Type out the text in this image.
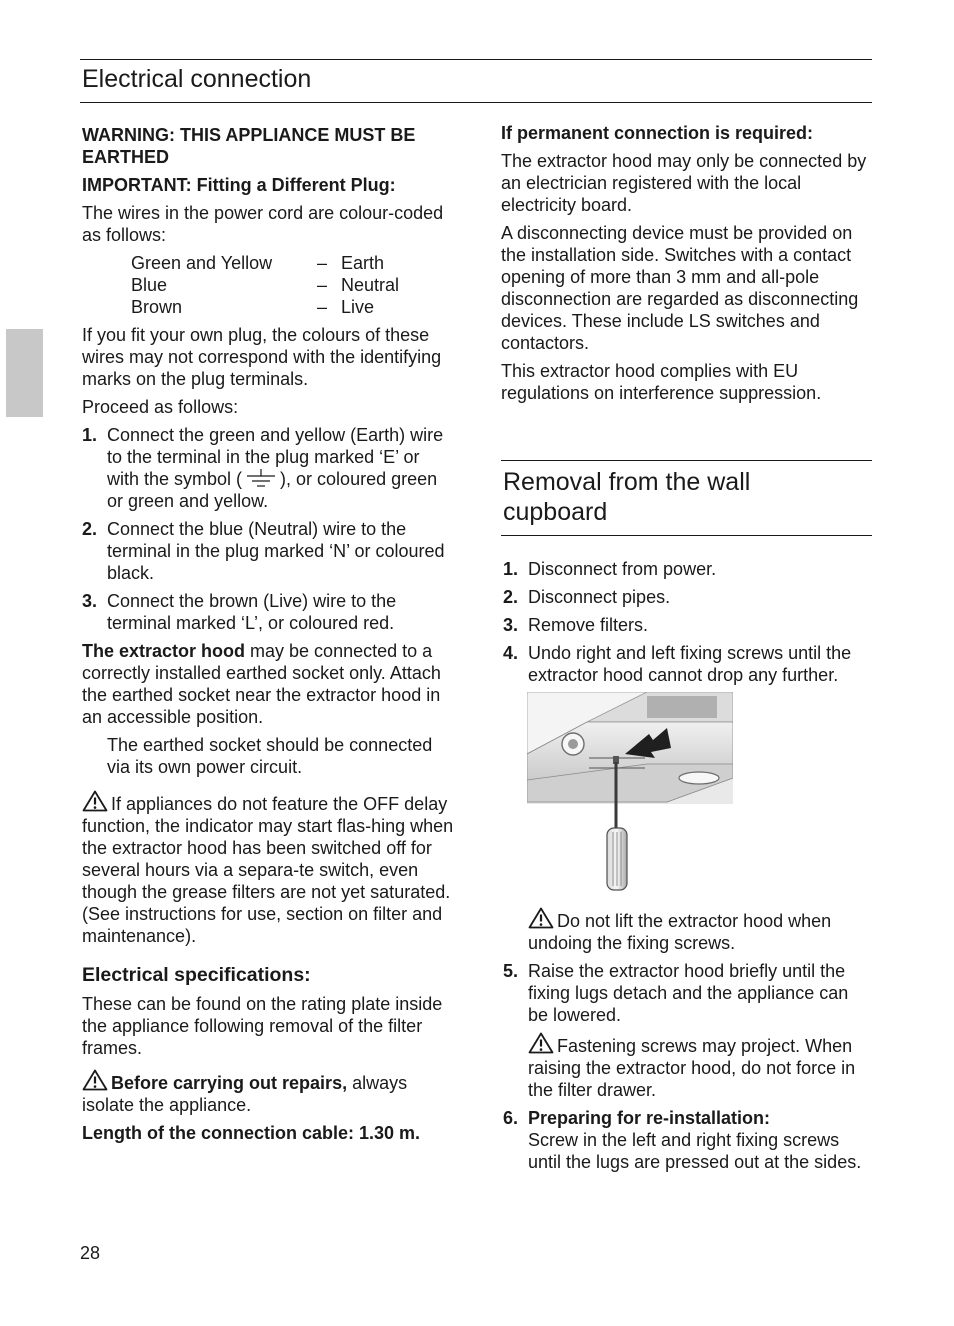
Electrical connection

WARNING: THIS APPLIANCE MUST BE EARTHED

IMPORTANT: Fitting a Different Plug:

The wires in the power cord are colour-coded as follows:

Green and Yellow	– Earth
Blue	– Neutral
Brown	– Live

If you fit your own plug, the colours of these wires may not correspond with the identifying marks on the plug terminals.

Proceed as follows:

1. Connect the green and yellow (Earth) wire to the terminal in the plug marked ‘E’ or with the symbol ( ), or coloured green or green and yellow.
2. Connect the blue (Neutral) wire to the terminal in the plug marked ‘N’ or coloured black.
3. Connect the brown (Live) wire to the terminal marked ‘L’, or coloured red.

The extractor hood may be connected to a correctly installed earthed socket only. Attach the earthed socket near the extractor hood in an accessible position.

The earthed socket should be connected via its own power circuit.

If appliances do not feature the OFF delay function, the indicator may start flas-hing when the extractor hood has been switched off for several hours via a separa-te switch, even though the grease filters are not yet saturated.

(See instructions for use, section on filter and maintenance).

Electrical specifications:

These can be found on the rating plate inside the appliance following removal of the filter frames.

Before carrying out repairs, always isolate the appliance.

Length of the connection cable: 1.30 m.

If permanent connection is required:

The extractor hood may only be connected by an electrician registered with the local electricity board.

A disconnecting device must be provided on the installation side. Switches with a contact opening of more than 3 mm and all-pole disconnection are regarded as disconnecting devices. These include LS switches and contactors.

This extractor hood complies with EU regulations on interference suppression.

Removal from the wall cupboard
1. Disconnect from power.
2. Disconnect pipes.
3. Remove filters.
4. Undo right and left fixing screws until the extractor hood cannot drop any further.

Do not lift the extractor hood when undoing the fixing screws.

5. Raise the extractor hood briefly until the fixing lugs detach and the appliance can be lowered.
Fastening screws may project. When raising the extractor hood, do not force in the filter drawer.
6. Preparing for re-installation:
Screw in the left and right fixing screws until the lugs are pressed out at the sides.
28
